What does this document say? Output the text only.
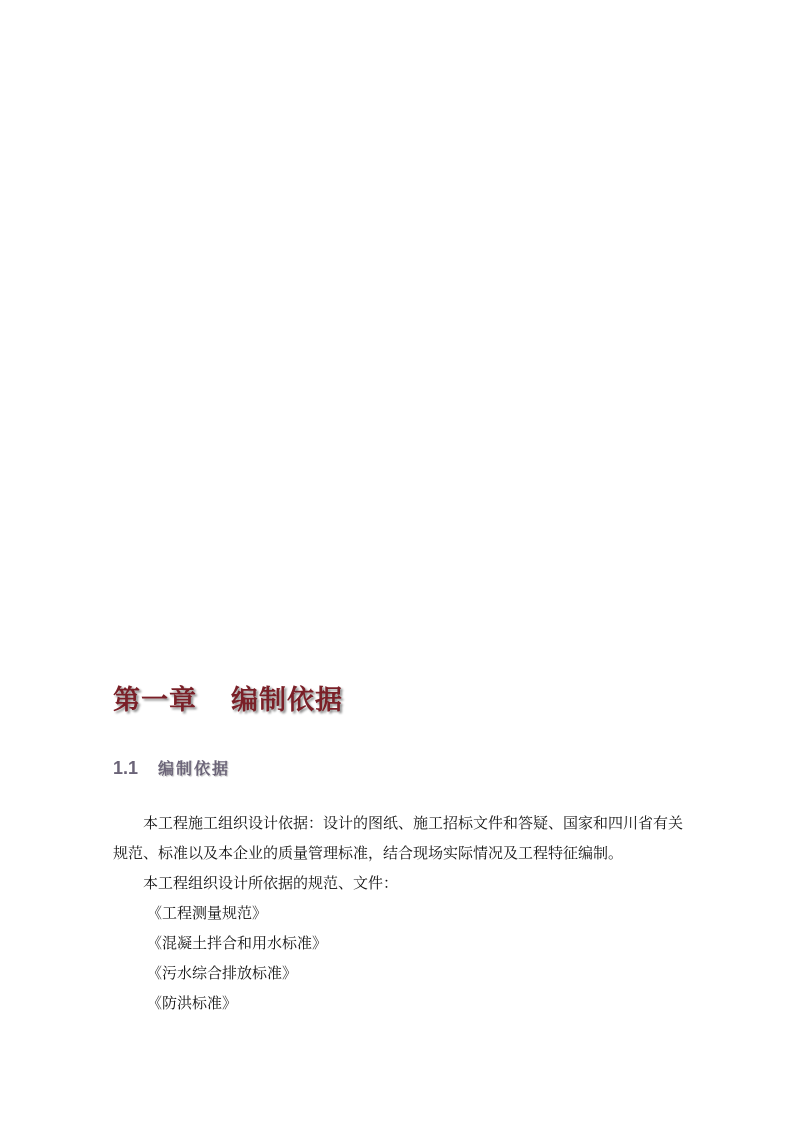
第一章 编制依据
1.1 编制依据

本工程施工组织设计依据：设计的图纸、施工招标文件和答疑、国家和四川省有关
规范、标准以及本企业的质量管理标准，结合现场实际情况及工程特征编制。

本工程组织设计所依据的规范、文件：

《工程测量规范》
《混凝土拌合和用水标准》
《污水综合排放标准》
《防洪标准》
